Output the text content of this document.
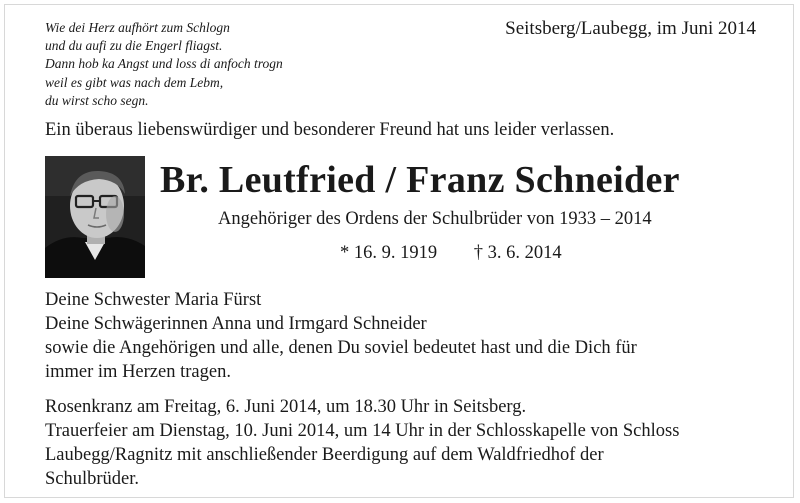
Wie dei Herz aufhört zum Schlogn
und du aufi zu die Engerl fliagst.
Dann hob ka Angst und loss di anfoch trogn
weil es gibt was nach dem Lebm,
du wirst scho segn.
Seitsberg/Laubegg, im Juni 2014
Ein überaus liebenswürdiger und besonderer Freund hat uns leider verlassen.
Br. Leutfried / Franz Schneider
Angehöriger des Ordens der Schulbrüder von 1933 – 2014
* 16. 9. 1919 † 3. 6. 2014
Deine Schwester Maria Fürst
Deine Schwägerinnen Anna und Irmgard Schneider
sowie die Angehörigen und alle, denen Du soviel bedeutet hast und die Dich für
immer im Herzen tragen.
Rosenkranz am Freitag, 6. Juni 2014, um 18.30 Uhr in Seitsberg.
Trauerfeier am Dienstag, 10. Juni 2014, um 14 Uhr in der Schlosskapelle von Schloss
Laubegg/Ragnitz mit anschließender Beerdigung auf dem Waldfriedhof der
Schulbrüder.
